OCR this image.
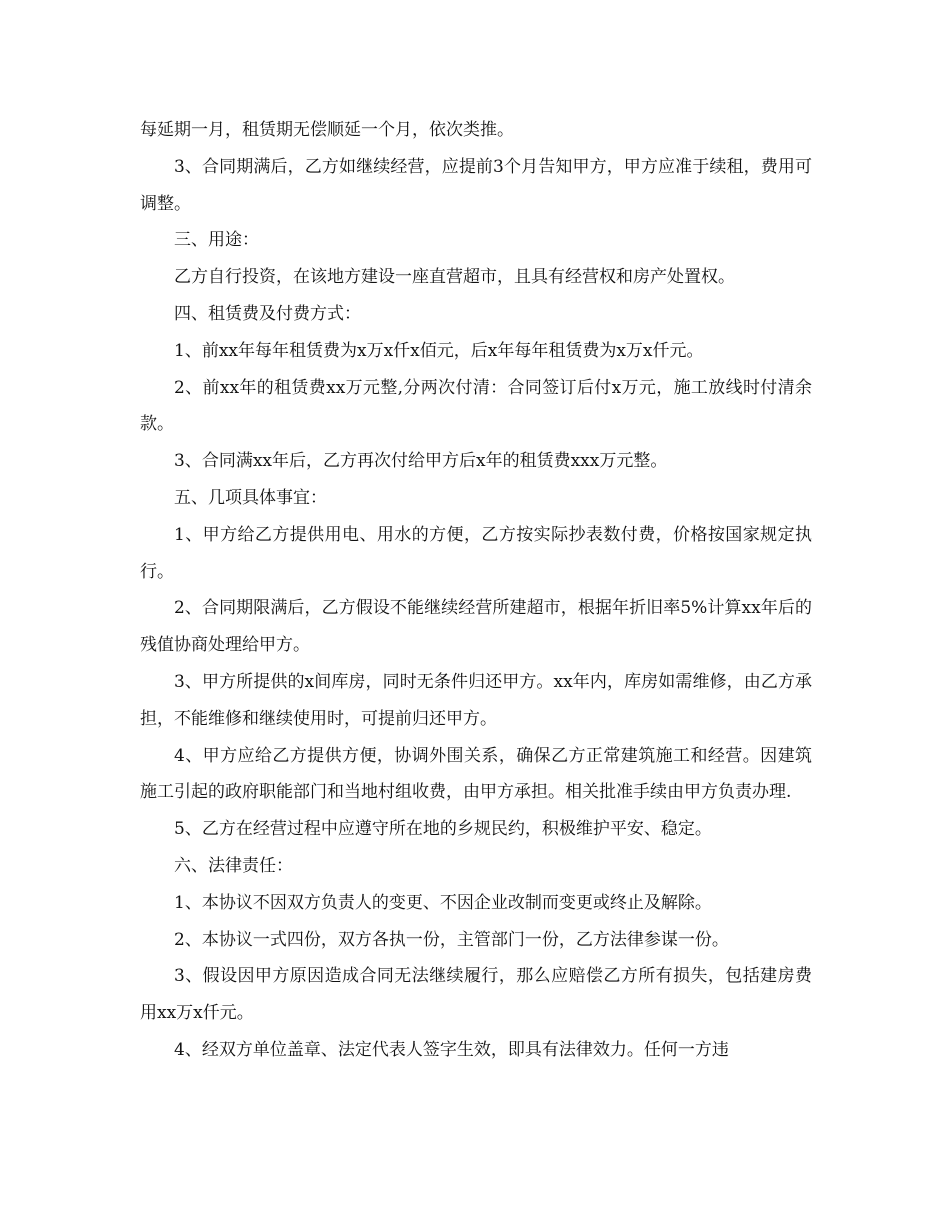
每延期一月，租赁期无偿顺延一个月，依次类推。

3、合同期满后，乙方如继续经营，应提前3个月告知甲方，甲方应准于续租，费用可调整。

三、用途：

乙方自行投资，在该地方建设一座直营超市，且具有经营权和房产处置权。

四、租赁费及付费方式：

1、前xx年每年租赁费为x万x仟x佰元，后x年每年租赁费为x万x仟元。

2、前xx年的租赁费xx万元整,分两次付清：合同签订后付x万元，施工放线时付清余款。

3、合同满xx年后，乙方再次付给甲方后x年的租赁费xxx万元整。

五、几项具体事宜：

1、甲方给乙方提供用电、用水的方便，乙方按实际抄表数付费，价格按国家规定执行。

2、合同期限满后，乙方假设不能继续经营所建超市，根据年折旧率5%计算xx年后的残值协商处理给甲方。

3、甲方所提供的x间库房，同时无条件归还甲方。xx年内，库房如需维修，由乙方承担，不能维修和继续使用时，可提前归还甲方。

4、甲方应给乙方提供方便，协调外围关系，确保乙方正常建筑施工和经营。因建筑施工引起的政府职能部门和当地村组收费，由甲方承担。相关批准手续由甲方负责办理.

5、乙方在经营过程中应遵守所在地的乡规民约，积极维护平安、稳定。

六、法律责任：

1、本协议不因双方负责人的变更、不因企业改制而变更或终止及解除。

2、本协议一式四份，双方各执一份，主管部门一份，乙方法律参谋一份。

3、假设因甲方原因造成合同无法继续履行，那么应赔偿乙方所有损失，包括建房费用xx万x仟元。

4、经双方单位盖章、法定代表人签字生效，即具有法律效力。任何一方违
